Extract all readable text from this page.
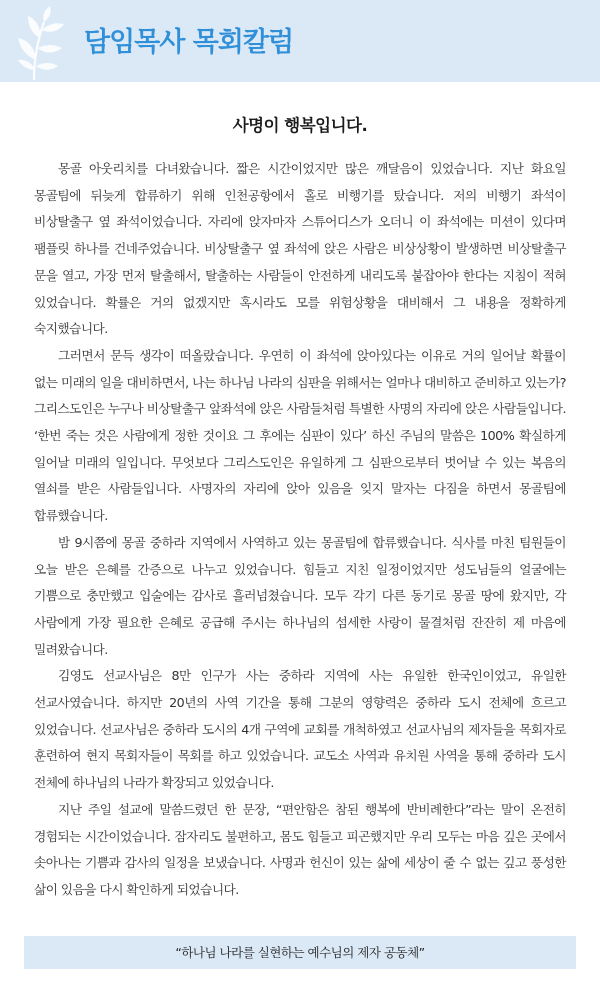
담임목사 목회칼럼
사명이 행복입니다.

몽골 아웃리치를 다녀왔습니다. 짧은 시간이었지만 많은 깨달음이 있었습니다. 지난 화요일 몽골팀에 뒤늦게 합류하기 위해 인천공항에서 홀로 비행기를 탔습니다. 저의 비행기 좌석이 비상탈출구 옆 좌석이었습니다. 자리에 앉자마자 스튜어디스가 오더니 이 좌석에는 미션이 있다며 팸플릿 하나를 건네주었습니다. 비상탈출구 옆 좌석에 앉은 사람은 비상상황이 발생하면 비상탈출구 문을 열고, 가장 먼저 탈출해서, 탈출하는 사람들이 안전하게 내리도록 붙잡아야 한다는 지침이 적혀 있었습니다. 확률은 거의 없겠지만 혹시라도 모를 위험상황을 대비해서 그 내용을 정확하게 숙지했습니다.

그러면서 문득 생각이 떠올랐습니다. 우연히 이 좌석에 앉아있다는 이유로 거의 일어날 확률이 없는 미래의 일을 대비하면서, 나는 하나님 나라의 심판을 위해서는 얼마나 대비하고 준비하고 있는가? 그리스도인은 누구나 비상탈출구 앞좌석에 앉은 사람들처럼 특별한 사명의 자리에 앉은 사람들입니다. ‘한번 죽는 것은 사람에게 정한 것이요 그 후에는 심판이 있다’ 하신 주님의 말씀은 100% 확실하게 일어날 미래의 일입니다. 무엇보다 그리스도인은 유일하게 그 심판으로부터 벗어날 수 있는 복음의 열쇠를 받은 사람들입니다. 사명자의 자리에 앉아 있음을 잊지 말자는 다짐을 하면서 몽골팀에 합류했습니다.

밤 9시쯤에 몽골 중하라 지역에서 사역하고 있는 몽골팀에 합류했습니다. 식사를 마친 팀원들이 오늘 받은 은혜를 간증으로 나누고 있었습니다. 힘들고 지친 일정이었지만 성도님들의 얼굴에는 기쁨으로 충만했고 입술에는 감사로 흘러넘쳤습니다. 모두 각기 다른 동기로 몽골 땅에 왔지만, 각 사람에게 가장 필요한 은혜로 공급해 주시는 하나님의 섬세한 사랑이 물결처럼 잔잔히 제 마음에 밀려왔습니다.

김영도 선교사님은 8만 인구가 사는 중하라 지역에 사는 유일한 한국인이었고, 유일한 선교사였습니다. 하지만 20년의 사역 기간을 통해 그분의 영향력은 중하라 도시 전체에 흐르고 있었습니다. 선교사님은 중하라 도시의 4개 구역에 교회를 개척하였고 선교사님의 제자들을 목회자로 훈련하여 현지 목회자들이 목회를 하고 있었습니다. 교도소 사역과 유치원 사역을 통해 중하라 도시 전체에 하나님의 나라가 확장되고 있었습니다.

지난 주일 설교에 말씀드렸던 한 문장, “편안함은 참된 행복에 반비례한다”라는 말이 온전히 경험되는 시간이었습니다. 잠자리도 불편하고, 몸도 힘들고 피곤했지만 우리 모두는 마음 깊은 곳에서 솟아나는 기쁨과 감사의 일정을 보냈습니다. 사명과 헌신이 있는 삶에 세상이 줄 수 없는 깊고 풍성한 삶이 있음을 다시 확인하게 되었습니다.

“하나님 나라를 실현하는 예수님의 제자 공동체”
